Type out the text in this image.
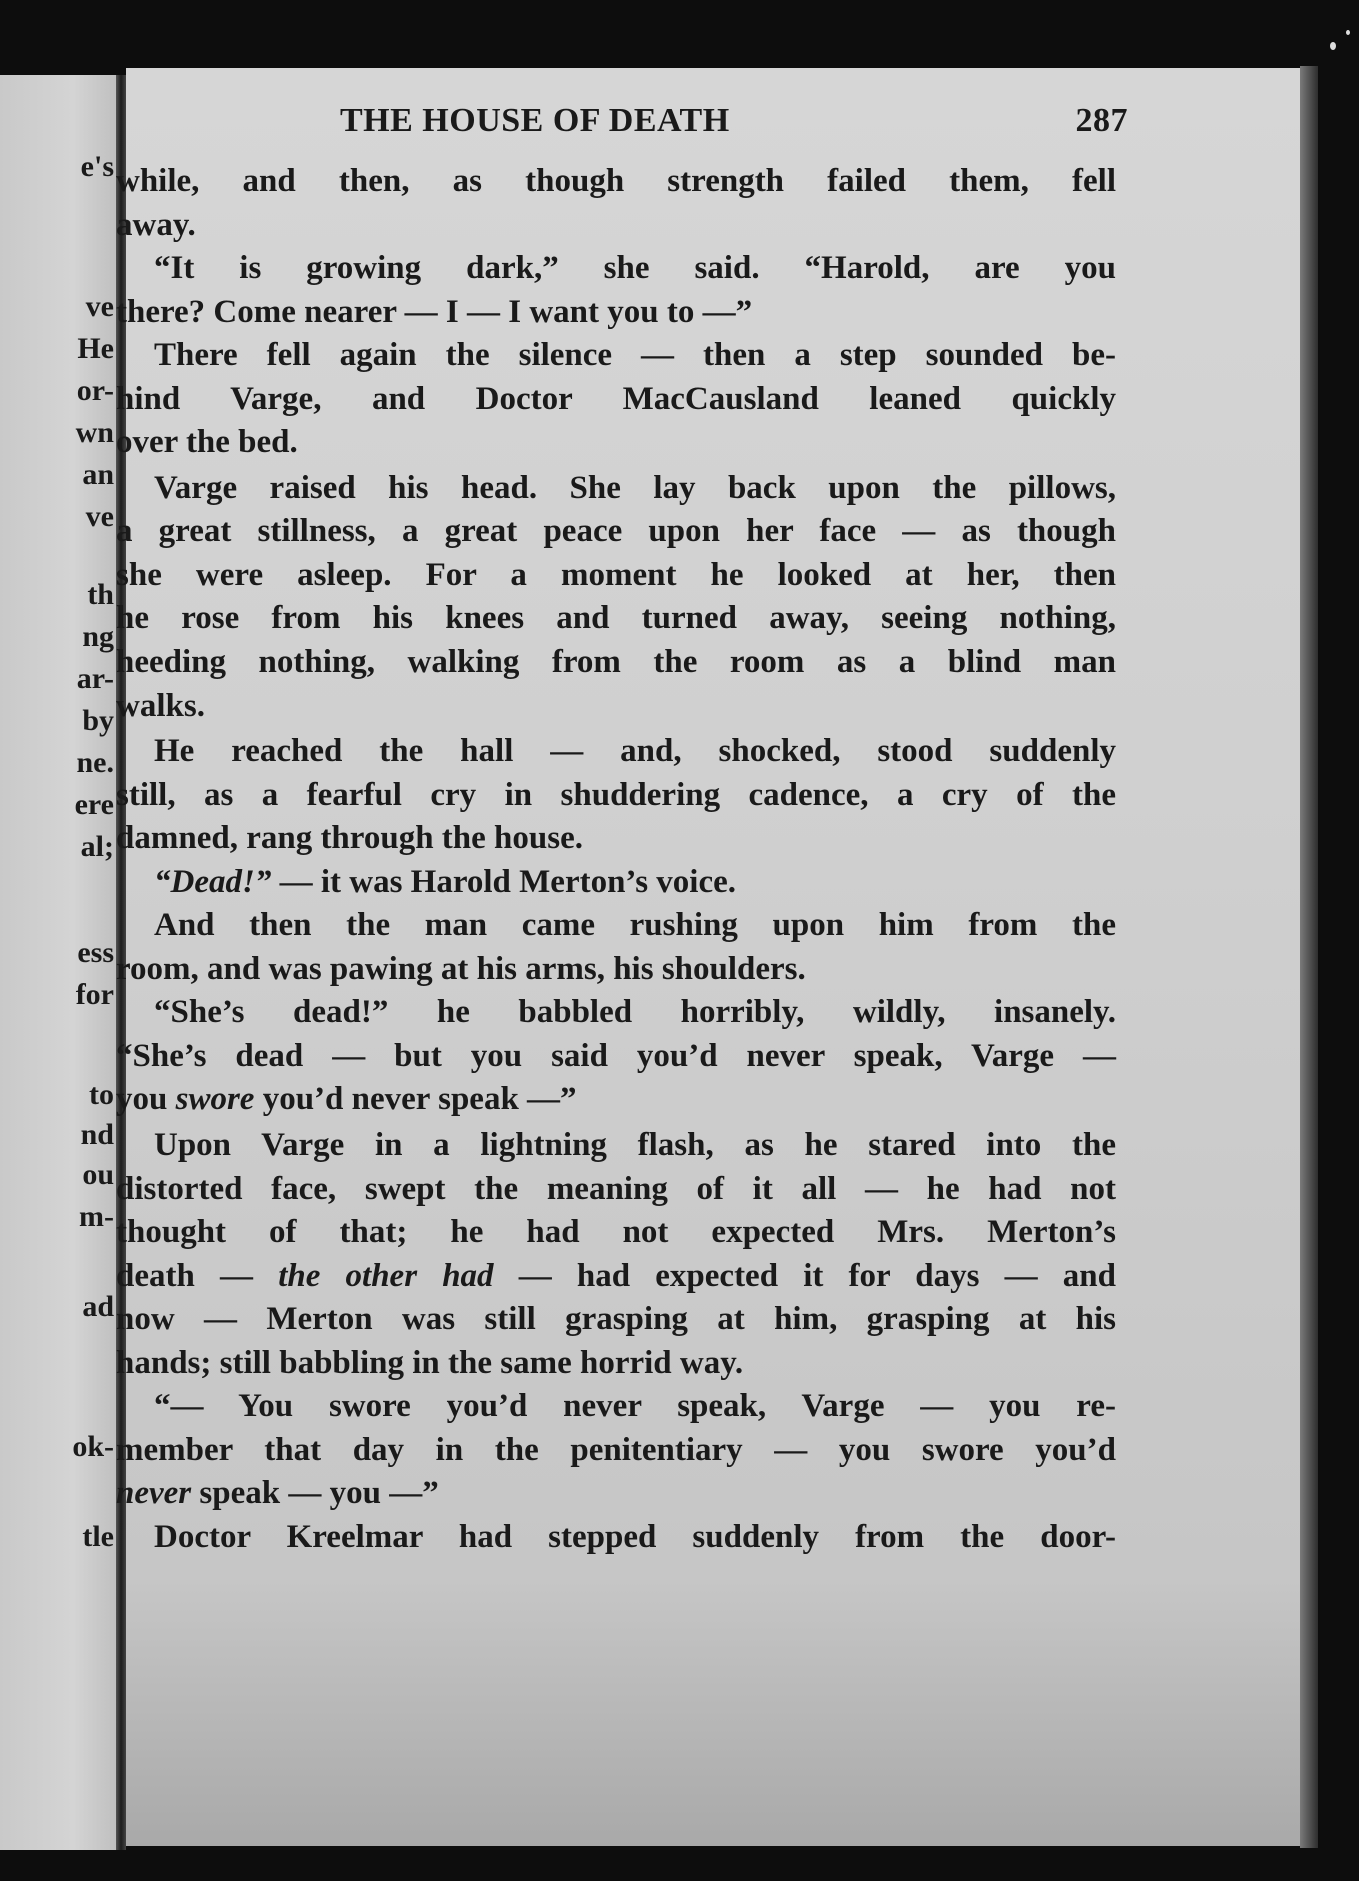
e's
ve
He
or-
wn
an
ve
th
ng
ar-
by
ne.
ere
al;
ess
for
to
nd
ou
m-
ad
ok-
tle
THE HOUSE OF DEATH	287
while, and then, as though strength failed them, fell
away.
“It is growing dark,” she said. “Harold, are you
there? Come nearer — I — I want you to —”
There fell again the silence — then a step sounded be-
hind Varge, and Doctor MacCausland leaned quickly
over the bed.
Varge raised his head. She lay back upon the pillows,
a great stillness, a great peace upon her face — as though
she were asleep. For a moment he looked at her, then
he rose from his knees and turned away, seeing nothing,
heeding nothing, walking from the room as a blind man
walks.
He reached the hall — and, shocked, stood suddenly
still, as a fearful cry in shuddering cadence, a cry of the
damned, rang through the house.
“Dead!” — it was Harold Merton’s voice.
And then the man came rushing upon him from the
room, and was pawing at his arms, his shoulders.
“She’s dead!” he babbled horribly, wildly, insanely.
“She’s dead — but you said you’d never speak, Varge —
you swore you’d never speak —”
Upon Varge in a lightning flash, as he stared into the
distorted face, swept the meaning of it all — he had not
thought of that; he had not expected Mrs. Merton’s
death — the other had — had expected it for days — and
now — Merton was still grasping at him, grasping at his
hands; still babbling in the same horrid way.
“— You swore you’d never speak, Varge — you re-
member that day in the penitentiary — you swore you’d
never speak — you —”
Doctor Kreelmar had stepped suddenly from the door-
